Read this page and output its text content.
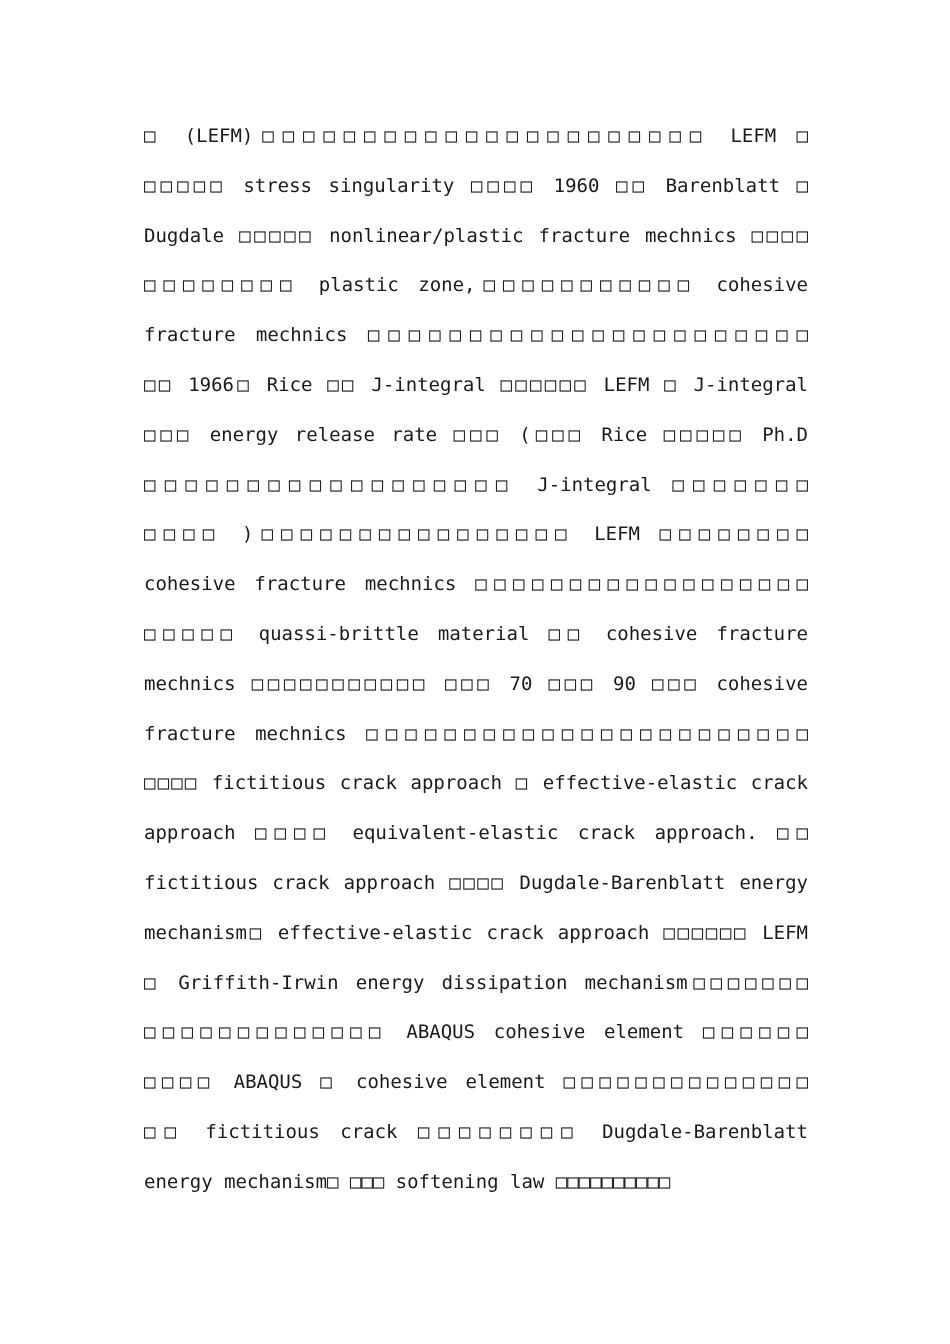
□ (LEFM)□□□□□□□□□□□□□□□□□□□□□□ LEFM □
□□□□□ stress singularity □□□□ 1960 □□ Barenblatt □
Dugdale □□□□□ nonlinear/plastic fracture mechnics □□□□
□□□□□□□□ plastic zone,□□□□□□□□□□□ cohesive
fracture mechnics □□□□□□□□□□□□□□□□□□□□□□
□□ 1966□ Rice □□ J-integral □□□□□□ LEFM □ J-integral
□□□ energy release rate □□□ (□□□ Rice □□□□□ Ph.D
□□□□□□□□□□□□□□□□□□ J-integral □□□□□□□
□□□□ )□□□□□□□□□□□□□□□□ LEFM □□□□□□□□
cohesive fracture mechnics □□□□□□□□□□□□□□□□□□
□□□□□ quassi-brittle material □□ cohesive fracture
mechnics □□□□□□□□□□□ □□□ 70 □□□ 90 □□□ cohesive
fracture mechnics □□□□□□□□□□□□□□□□□□□□□□□
□□□□ fictitious crack approach □ effective-elastic crack
approach □□□□ equivalent-elastic crack approach. □□
fictitious crack approach □□□□ Dugdale-Barenblatt energy
mechanism□ effective-elastic crack approach □□□□□□ LEFM
□ Griffith-Irwin energy dissipation mechanism□□□□□□□
□□□□□□□□□□□□□ ABAQUS cohesive element □□□□□□
□□□□ ABAQUS □ cohesive element □□□□□□□□□□□□□□
□□ fictitious crack □□□□□□□□ Dugdale-Barenblatt
energy mechanism□ □□□ softening law □□□□□□□□□□
